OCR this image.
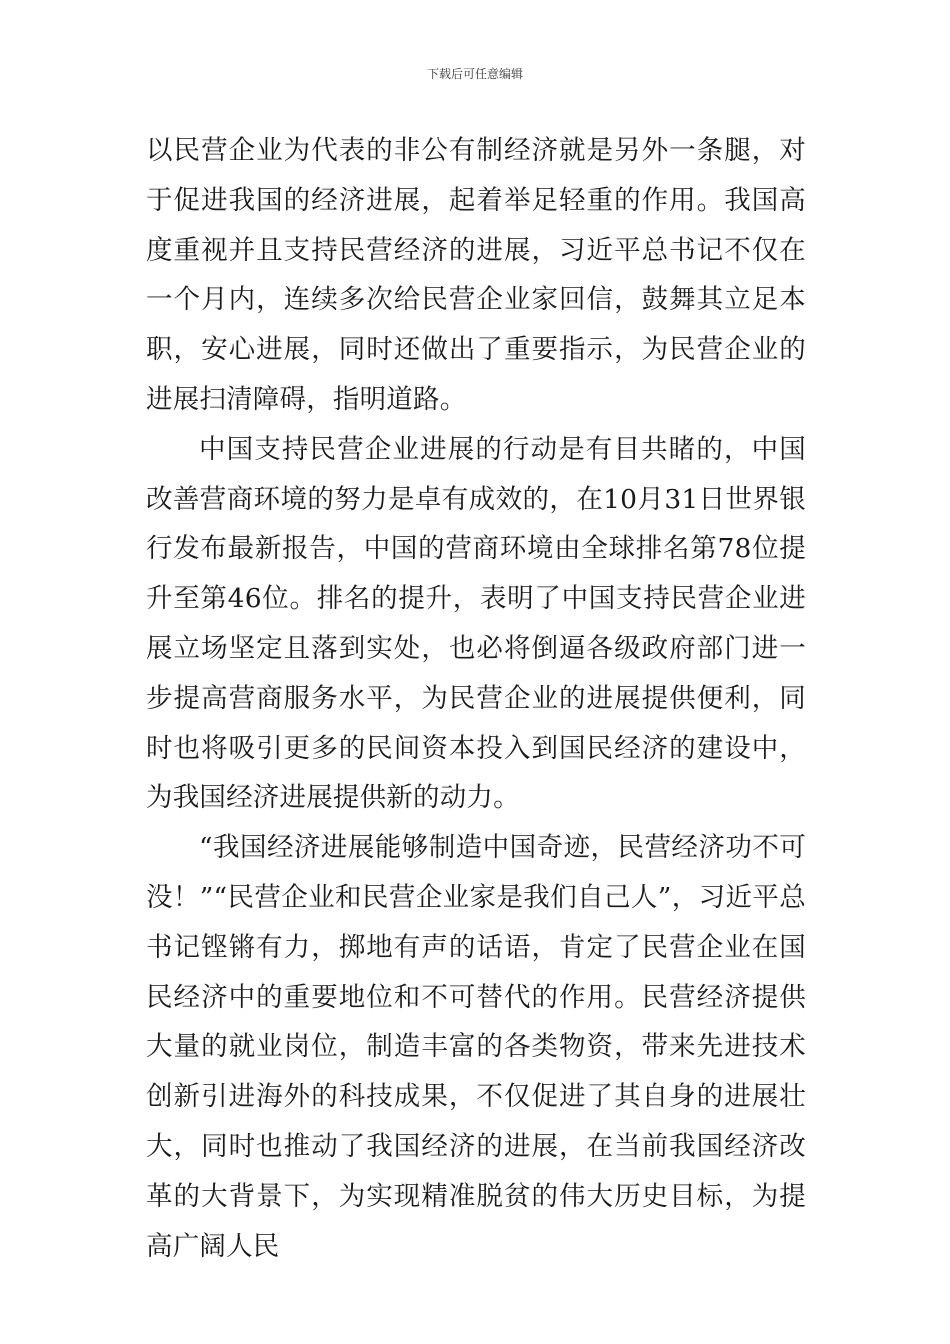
下载后可任意编辑

以民营企业为代表的非公有制经济就是另外一条腿，对于促进我国的经济进展，起着举足轻重的作用。我国高度重视并且支持民营经济的进展，习近平总书记不仅在一个月内，连续多次给民营企业家回信，鼓舞其立足本职，安心进展，同时还做出了重要指示，为民营企业的进展扫清障碍，指明道路。

中国支持民营企业进展的行动是有目共睹的，中国改善营商环境的努力是卓有成效的，在10月31日世界银行发布最新报告，中国的营商环境由全球排名第78位提升至第46位。排名的提升，表明了中国支持民营企业进展立场坚定且落到实处，也必将倒逼各级政府部门进一步提高营商服务水平，为民营企业的进展提供便利，同时也将吸引更多的民间资本投入到国民经济的建设中，为我国经济进展提供新的动力。

“我国经济进展能够制造中国奇迹，民营经济功不可没！”“民营企业和民营企业家是我们自己人”，习近平总书记铿锵有力，掷地有声的话语，肯定了民营企业在国民经济中的重要地位和不可替代的作用。民营经济提供大量的就业岗位，制造丰富的各类物资，带来先进技术创新引进海外的科技成果，不仅促进了其自身的进展壮大，同时也推动了我国经济的进展，在当前我国经济改革的大背景下，为实现精准脱贫的伟大历史目标，为提高广阔人民
